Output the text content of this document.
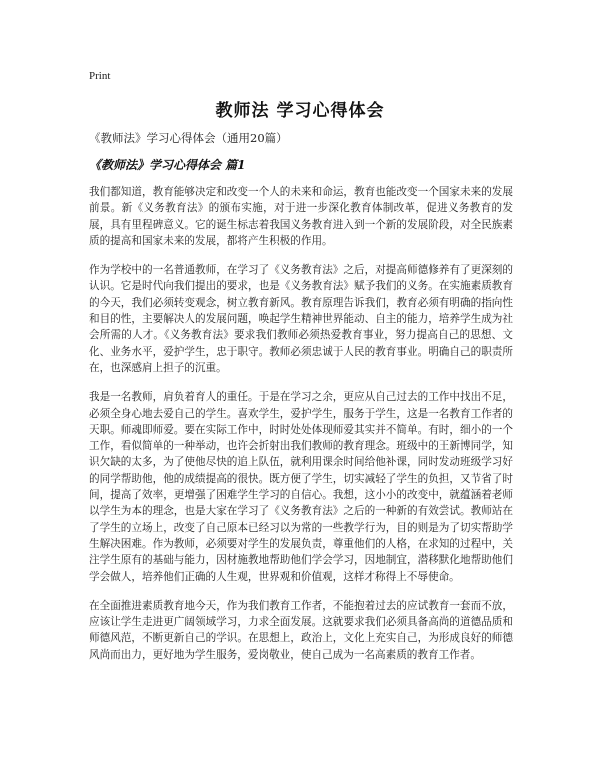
Print
教师法 学习心得体会
《教师法》学习心得体会（通用20篇）
《教师法》学习心得体会 篇1

我们都知道，教育能够决定和改变一个人的未来和命运，教育也能改变一个国家未来的发展前景。新《义务教育法》的颁布实施，对于进一步深化教育体制改革，促进义务教育的发展，具有里程碑意义。它的诞生标志着我国义务教育进入到一个新的发展阶段，对全民族素质的提高和国家未来的发展，都将产生积极的作用。

作为学校中的一名普通教师，在学习了《义务教育法》之后，对提高师德修养有了更深刻的认识。它是时代向我们提出的要求，也是《义务教育法》赋予我们的义务。在实施素质教育的今天，我们必须转变观念，树立教育新风。教育原理告诉我们，教育必须有明确的指向性和目的性，主要解决人的发展问题，唤起学生精神世界能动、自主的能力，培养学生成为社会所需的人才。《义务教育法》要求我们教师必须热爱教育事业，努力提高自己的思想、文化、业务水平，爱护学生，忠于职守。教师必须忠诚于人民的教育事业。明确自己的职责所在，也深感肩上担子的沉重。

我是一名教师，肩负着育人的重任。于是在学习之余，更应从自己过去的工作中找出不足，必须全身心地去爱自己的学生。喜欢学生，爱护学生，服务于学生，这是一名教育工作者的天职。师魂即师爱。要在实际工作中，时时处处体现师爱其实并不简单。有时，细小的一个工作，看似简单的一种举动，也许会折射出我们教师的教育理念。班级中的王新博同学，知识欠缺的太多，为了使他尽快的追上队伍，就利用课余时间给他补课，同时发动班级学习好的同学帮助他，他的成绩提高的很快。既方便了学生，切实减轻了学生的负担，又节省了时间，提高了效率，更增强了困难学生学习的自信心。我想，这小小的改变中，就蕴涵着老师以学生为本的理念，也是大家在学习了《义务教育法》之后的一种新的有效尝试。教师站在了学生的立场上，改变了自己原本已经习以为常的一些教学行为，目的则是为了切实帮助学生解决困难。作为教师，必须要对学生的发展负责，尊重他们的人格，在求知的过程中，关注学生原有的基础与能力，因材施教地帮助他们学会学习，因地制宜，潜移默化地帮助他们学会做人，培养他们正确的人生观，世界观和价值观，这样才称得上不辱使命。

在全面推进素质教育地今天，作为我们教育工作者，不能抱着过去的应试教育一套而不放，应该让学生走进更广阔领域学习，力求全面发展。这就要求我们必须具备高尚的道德品质和师德风范，不断更新自己的学识。在思想上，政治上，文化上充实自己，为形成良好的师德风尚而出力，更好地为学生服务，爱岗敬业，使自己成为一名高素质的教育工作者。
